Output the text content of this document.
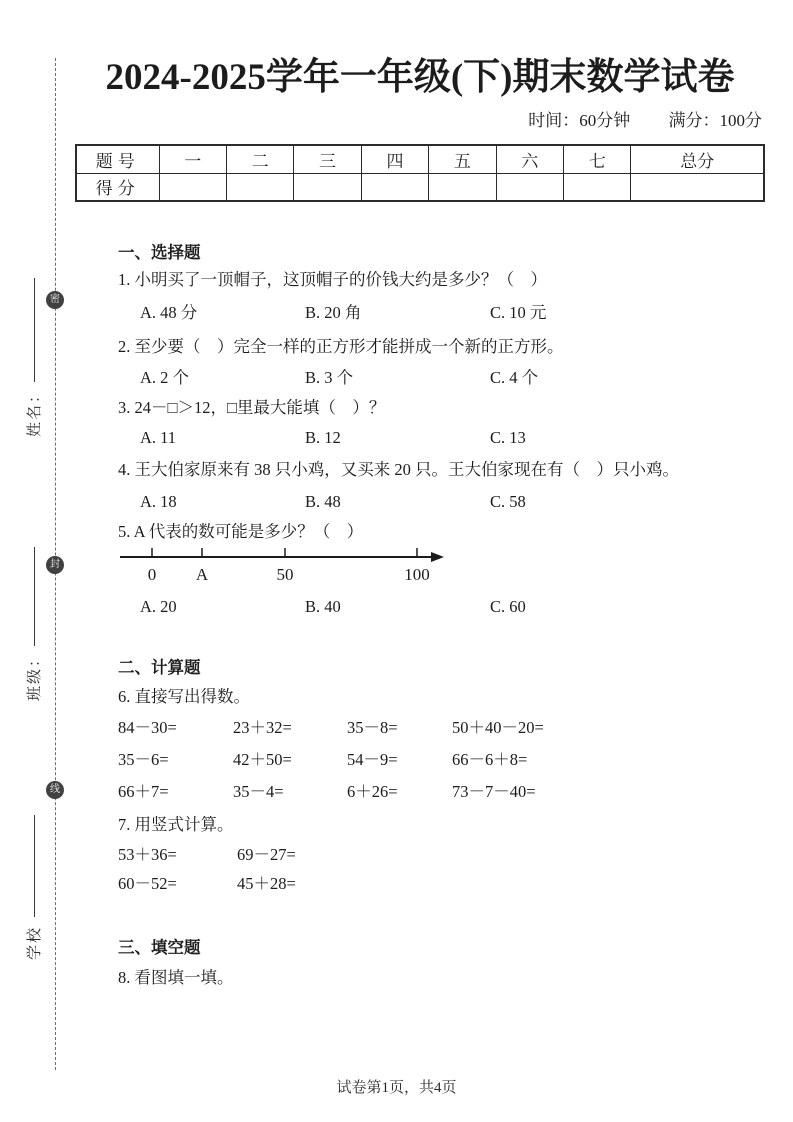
密
封
线
姓名：
班级：
学校
2024-2025学年一年级(下)期末数学试卷
时间：60分钟 满分：100分
题号	一	二	三	四	五	六	七	总分
得分								

一、选择题

1. 小明买了一顶帽子，这顶帽子的价钱大约是多少？（　）

A. 48 分	B. 20 角	C. 10 元

2. 至少要（　）完全一样的正方形才能拼成一个新的正方形。

A. 2 个	B. 3 个	C. 4 个

3. 24－□＞12，□里最大能填（　）？

A. 11	B. 12	C. 13

4. 王大伯家原来有 38 只小鸡，又买来 20 只。王大伯家现在有（　）只小鸡。

A. 18	B. 48	C. 58

5. A 代表的数可能是多少？（　）

0 A	50	100
A. 20	B. 40	C. 60

二、计算题

6. 直接写出得数。

84－30=	23＋32=	35－8=	50＋40－20=
35－6=	42＋50=	54－9=	66－6＋8=
66＋7=	35－4=	6＋26=	73－7－40=

7. 用竖式计算。

53＋36=	69－27=
60－52=	45＋28=

三、填空题

8. 看图填一填。

试卷第1页，共4页
